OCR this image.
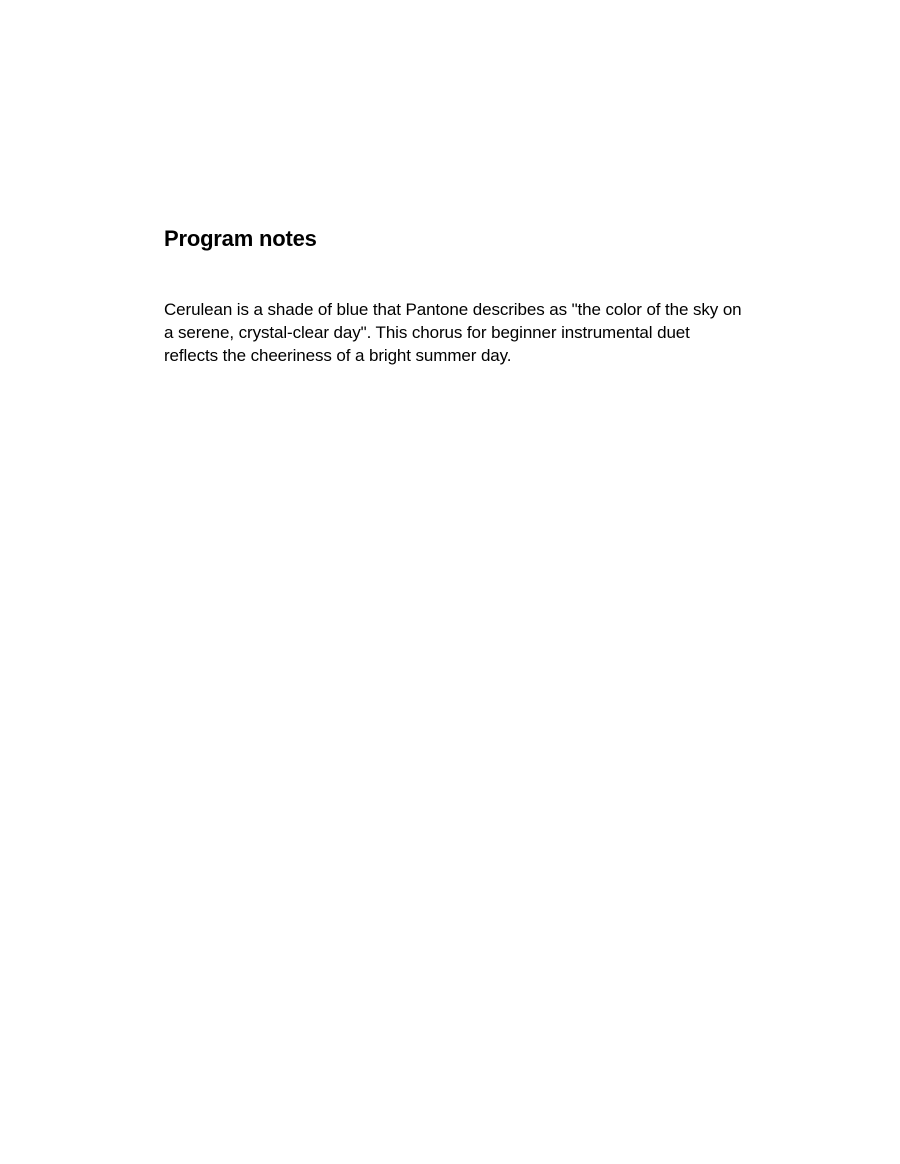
Program notes

Cerulean is a shade of blue that Pantone describes as "the color of the sky on a serene, crystal-clear day". This chorus for beginner instrumental duet reflects the cheeriness of a bright summer day.
